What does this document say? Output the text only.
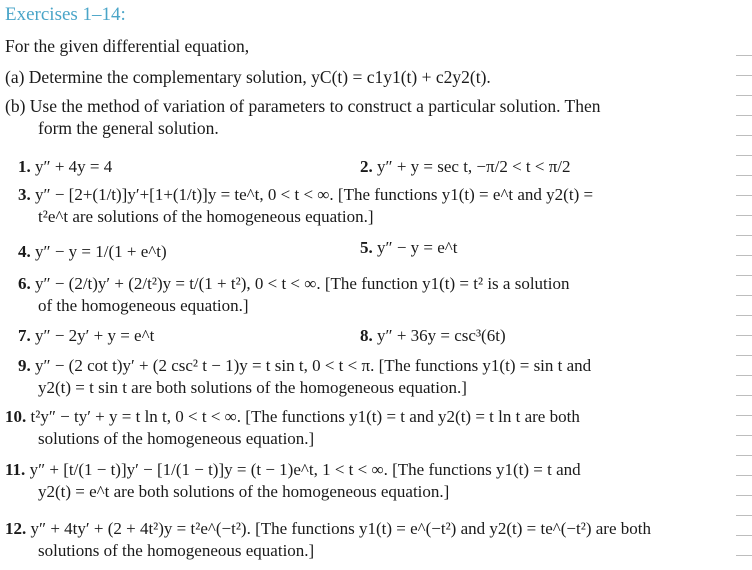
Exercises 1–14:
For the given differential equation,
(a) Determine the complementary solution, yC(t) = c1y1(t) + c2y2(t).
(b) Use the method of variation of parameters to construct a particular solution. Then
form the general solution.
1. y″ + 4y = 4	2. y″ + y = sec t, −π/2 < t < π/2
3. y″ − [2+(1/t)]y′+[1+(1/t)]y = te^t, 0 < t < ∞. [The functions y1(t) = e^t and y2(t) =
t²e^t are solutions of the homogeneous equation.]
4. y″ − y = 1/(1 + e^t)	5. y″ − y = e^t
6. y″ − (2/t)y′ + (2/t²)y = t/(1 + t²), 0 < t < ∞. [The function y1(t) = t² is a solution
of the homogeneous equation.]
7. y″ − 2y′ + y = e^t	8. y″ + 36y = csc³(6t)
9. y″ − (2 cot t)y′ + (2 csc² t − 1)y = t sin t, 0 < t < π. [The functions y1(t) = sin t and
y2(t) = t sin t are both solutions of the homogeneous equation.]
10. t²y″ − ty′ + y = t ln t, 0 < t < ∞. [The functions y1(t) = t and y2(t) = t ln t are both
solutions of the homogeneous equation.]
11. y″ + [t/(1 − t)]y′ − [1/(1 − t)]y = (t − 1)e^t, 1 < t < ∞. [The functions y1(t) = t and
y2(t) = e^t are both solutions of the homogeneous equation.]
12. y″ + 4ty′ + (2 + 4t²)y = t²e^(−t²). [The functions y1(t) = e^(−t²) and y2(t) = te^(−t²) are both
solutions of the homogeneous equation.]
